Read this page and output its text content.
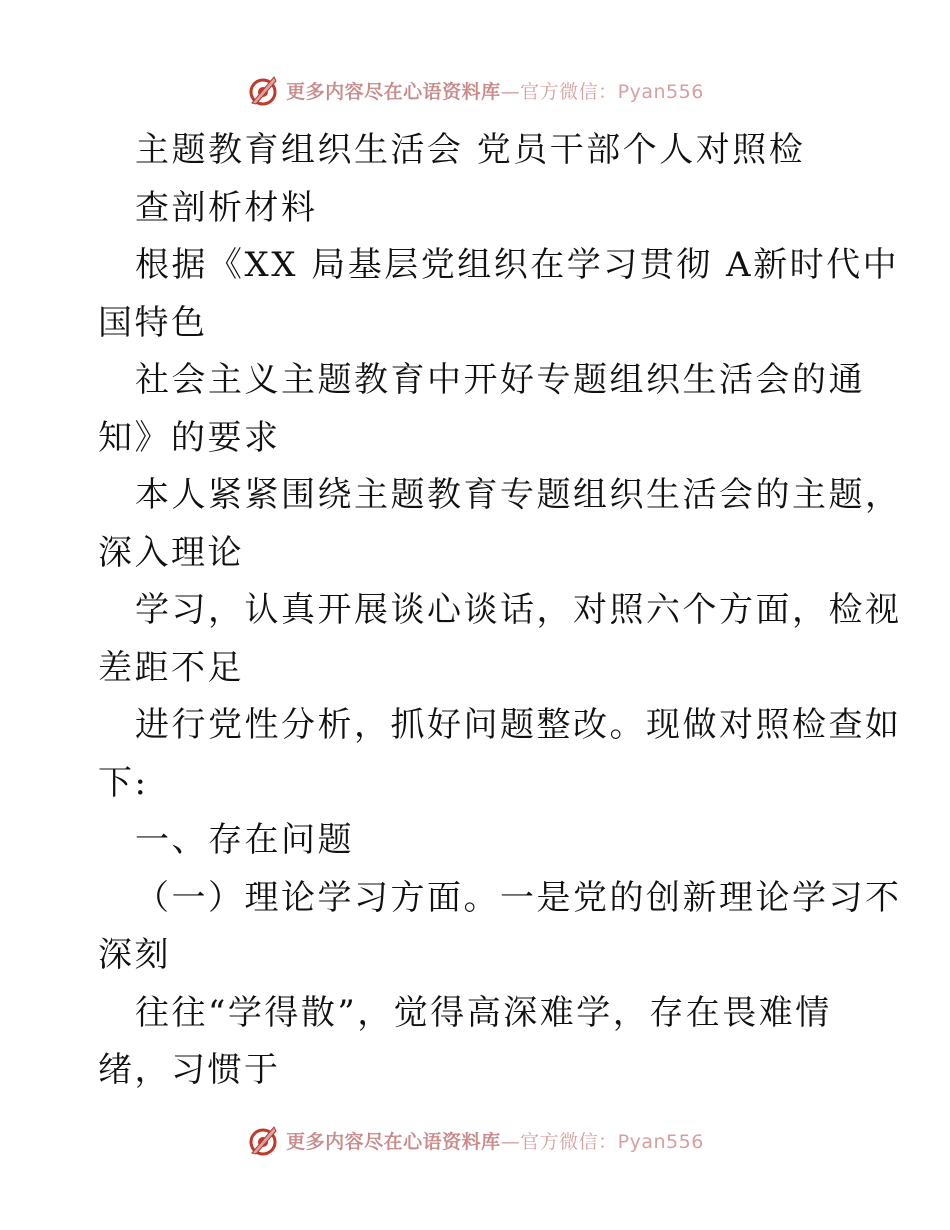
更多内容尽在心语资料库—官方微信：Pyan556
主题教育组织生活会 党员干部个人对照检
查剖析材料
根据《XX 局基层党组织在学习贯彻 A新时代中
国特色
社会主义主题教育中开好专题组织生活会的通
知》的要求
本人紧紧围绕主题教育专题组织生活会的主题，
深入理论
学习，认真开展谈心谈话，对照六个方面，检视
差距不足
进行党性分析，抓好问题整改。现做对照检查如
下:
一、存在问题
（一）理论学习方面。一是党的创新理论学习不
深刻
往往“学得散”，觉得高深难学，存在畏难情
绪，习惯于
更多内容尽在心语资料库—官方微信：Pyan556
